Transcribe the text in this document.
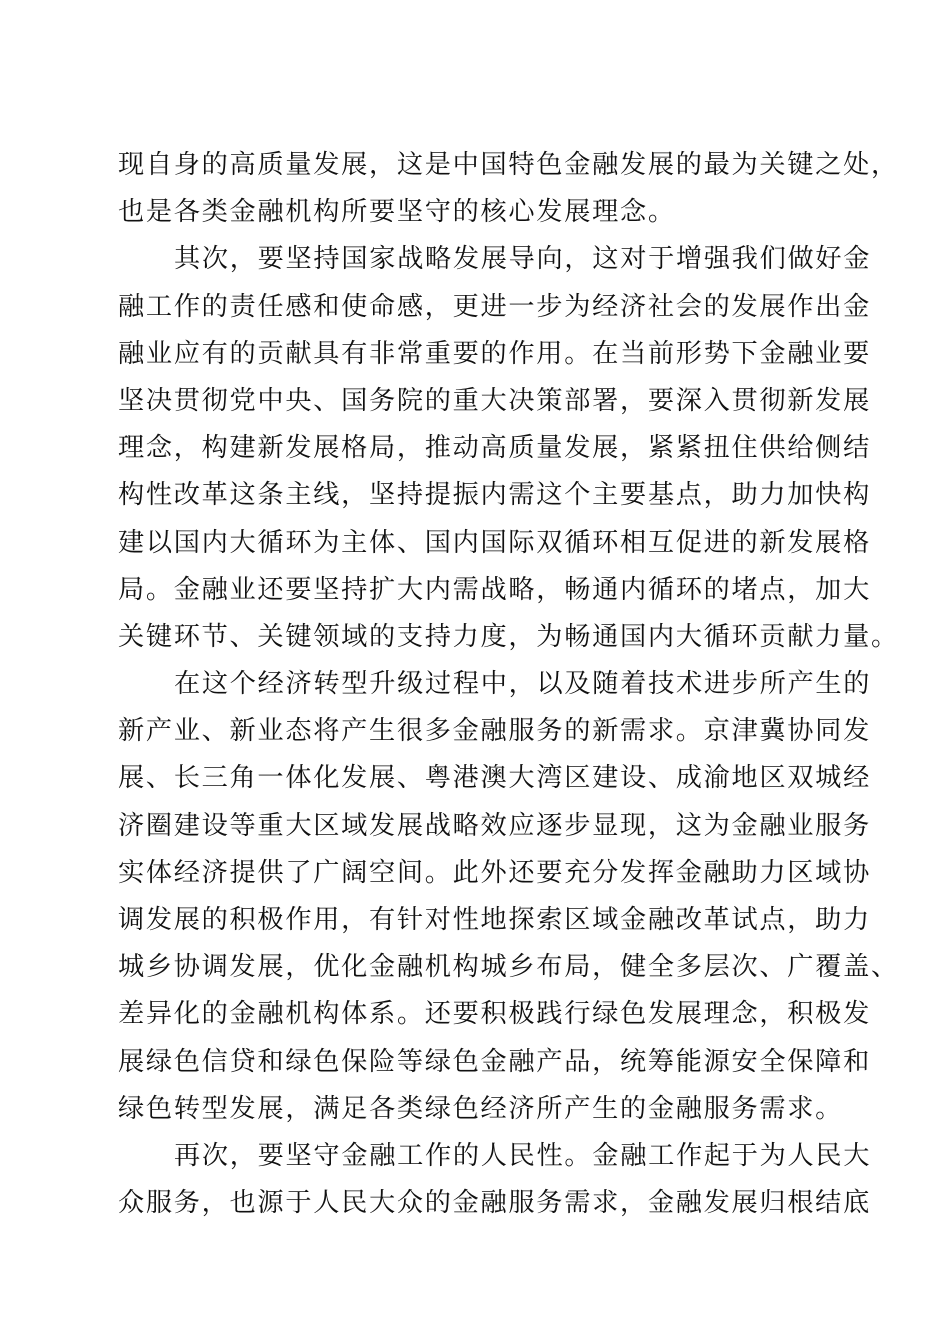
现自身的高质量发展，这是中国特色金融发展的最为关键之处，
也是各类金融机构所要坚守的核心发展理念。
其次，要坚持国家战略发展导向，这对于增强我们做好金
融工作的责任感和使命感，更进一步为经济社会的发展作出金
融业应有的贡献具有非常重要的作用。在当前形势下金融业要
坚决贯彻党中央、国务院的重大决策部署，要深入贯彻新发展
理念，构建新发展格局，推动高质量发展，紧紧扭住供给侧结
构性改革这条主线，坚持提振内需这个主要基点，助力加快构
建以国内大循环为主体、国内国际双循环相互促进的新发展格
局。金融业还要坚持扩大内需战略，畅通内循环的堵点，加大
关键环节、关键领域的支持力度，为畅通国内大循环贡献力量。
在这个经济转型升级过程中，以及随着技术进步所产生的
新产业、新业态将产生很多金融服务的新需求。京津冀协同发
展、长三角一体化发展、粤港澳大湾区建设、成渝地区双城经
济圈建设等重大区域发展战略效应逐步显现，这为金融业服务
实体经济提供了广阔空间。此外还要充分发挥金融助力区域协
调发展的积极作用，有针对性地探索区域金融改革试点，助力
城乡协调发展，优化金融机构城乡布局，健全多层次、广覆盖、
差异化的金融机构体系。还要积极践行绿色发展理念，积极发
展绿色信贷和绿色保险等绿色金融产品，统筹能源安全保障和
绿色转型发展，满足各类绿色经济所产生的金融服务需求。
再次，要坚守金融工作的人民性。金融工作起于为人民大
众服务，也源于人民大众的金融服务需求，金融发展归根结底
